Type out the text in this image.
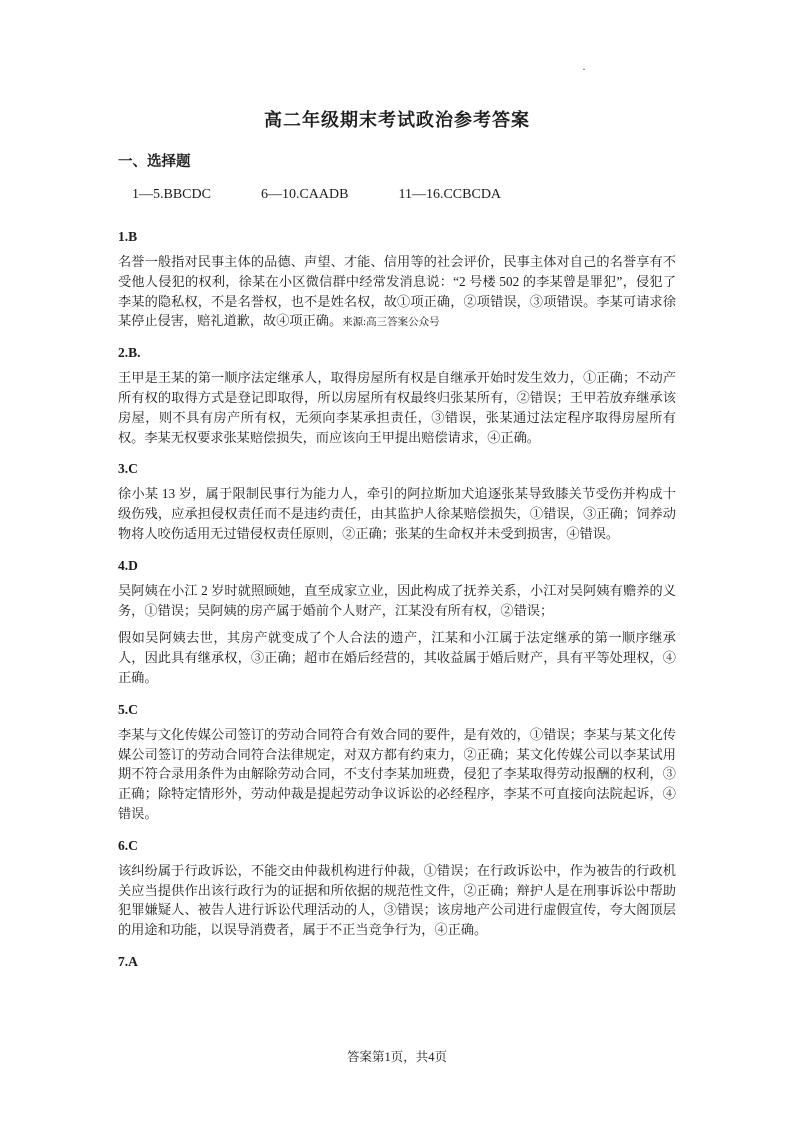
·
高二年级期末考试政治参考答案
一、选择题
1—5.BBCDC	6—10.CAADB	11—16.CCBCDA
1.B

名誉一般指对民事主体的品德、声望、才能、信用等的社会评价，民事主体对自己的名誉享有不受他人侵犯的权利，徐某在小区微信群中经常发消息说：“2 号楼 502 的李某曾是罪犯”，侵犯了李某的隐私权，不是名誉权，也不是姓名权，故①项正确，②项错误，③项错误。李某可请求徐某停止侵害，赔礼道歉，故④项正确。来源:高三答案公众号

2.B.

王甲是王某的第一顺序法定继承人，取得房屋所有权是自继承开始时发生效力，①正确；不动产所有权的取得方式是登记即取得，所以房屋所有权最终归张某所有，②错误；王甲若放弃继承该房屋，则不具有房产所有权，无须向李某承担责任，③错误，张某通过法定程序取得房屋所有权。李某无权要求张某赔偿损失，而应该向王甲提出赔偿请求，④正确。

3.C

徐小某 13 岁，属于限制民事行为能力人，牵引的阿拉斯加犬追逐张某导致膝关节受伤并构成十级伤残，应承担侵权责任而不是违约责任，由其监护人徐某赔偿损失，①错误，③正确；饲养动物将人咬伤适用无过错侵权责任原则，②正确；张某的生命权并未受到损害，④错误。

4.D

吴阿姨在小江 2 岁时就照顾她，直至成家立业，因此构成了抚养关系，小江对吴阿姨有赡养的义务，①错误；吴阿姨的房产属于婚前个人财产，江某没有所有权，②错误；

假如吴阿姨去世，其房产就变成了个人合法的遗产，江某和小江属于法定继承的第一顺序继承人，因此具有继承权，③正确；超市在婚后经营的，其收益属于婚后财产，具有平等处理权，④正确。

5.C

李某与文化传媒公司签订的劳动合同符合有效合同的要件，是有效的，①错误；李某与某文化传媒公司签订的劳动合同符合法律规定，对双方都有约束力，②正确；某文化传媒公司以李某试用期不符合录用条件为由解除劳动合同，不支付李某加班费，侵犯了李某取得劳动报酬的权利，③正确；除特定情形外，劳动仲裁是提起劳动争议诉讼的必经程序，李某不可直接向法院起诉，④错误。

6.C

该纠纷属于行政诉讼，不能交由仲裁机构进行仲裁，①错误；在行政诉讼中，作为被告的行政机关应当提供作出该行政行为的证据和所依据的规范性文件，②正确；辩护人是在刑事诉讼中帮助犯罪嫌疑人、被告人进行诉讼代理活动的人，③错误；该房地产公司进行虚假宣传，夸大阁顶层的用途和功能，以误导消费者，属于不正当竞争行为，④正确。

7.A
答案第1页，共4页
